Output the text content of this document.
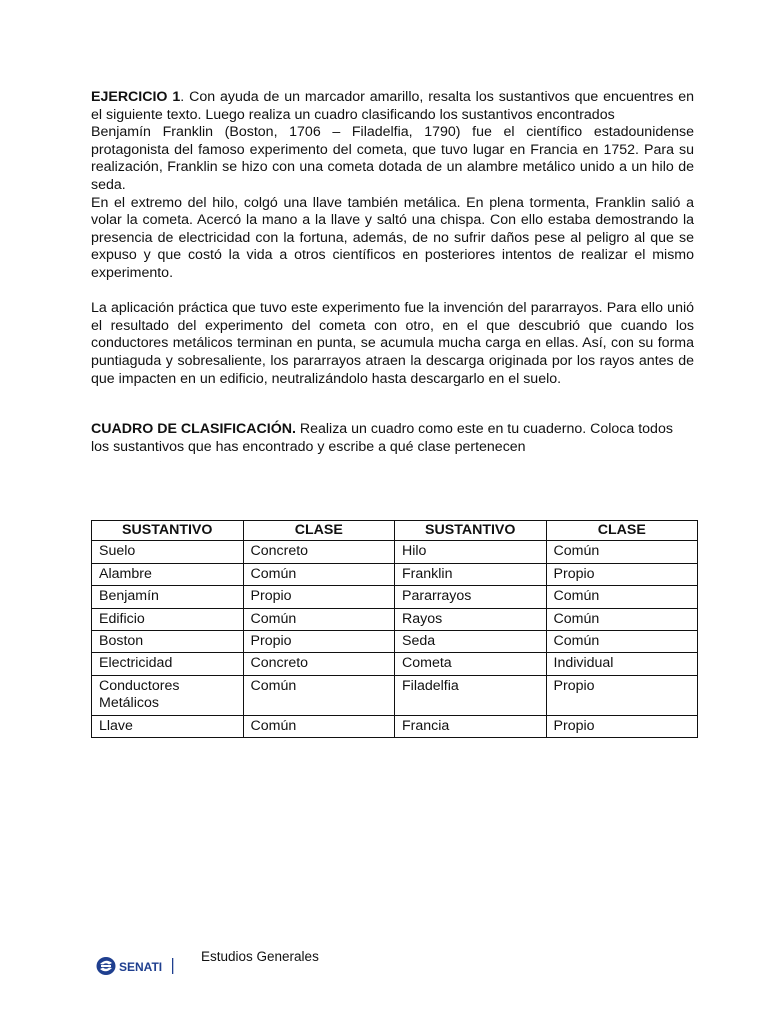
EJERCICIO 1. Con ayuda de un marcador amarillo, resalta los sustantivos que encuentres en el siguiente texto. Luego realiza un cuadro clasificando los sustantivos encontrados

Benjamín Franklin (Boston, 1706 – Filadelfia, 1790) fue el científico estadounidense protagonista del famoso experimento del cometa, que tuvo lugar en Francia en 1752. Para su realización, Franklin se hizo con una cometa dotada de un alambre metálico unido a un hilo de seda.

En el extremo del hilo, colgó una llave también metálica. En plena tormenta, Franklin salió a volar la cometa. Acercó la mano a la llave y saltó una chispa. Con ello estaba demostrando la presencia de electricidad con la fortuna, además, de no sufrir daños pese al peligro al que se expuso y que costó la vida a otros científicos en posteriores intentos de realizar el mismo experimento.

La aplicación práctica que tuvo este experimento fue la invención del pararrayos. Para ello unió el resultado del experimento del cometa con otro, en el que descubrió que cuando los conductores metálicos terminan en punta, se acumula mucha carga en ellas. Así, con su forma puntiaguda y sobresaliente, los pararrayos atraen la descarga originada por los rayos antes de que impacten en un edificio, neutralizándolo hasta descargarlo en el suelo.

CUADRO DE CLASIFICACIÓN. Realiza un cuadro como este en tu cuaderno. Coloca todos los sustantivos que has encontrado y escribe a qué clase pertenecen

SUSTANTIVO	CLASE	SUSTANTIVO	CLASE
Suelo	Concreto	Hilo	Común
Alambre	Común	Franklin	Propio
Benjamín	Propio	Pararrayos	Común
Edificio	Común	Rayos	Común
Boston	Propio	Seda	Común
Electricidad	Concreto	Cometa	Individual
Conductores Metálicos	Común	Filadelfia	Propio
Llave	Común	Francia	Propio
SENATI
Estudios Generales
